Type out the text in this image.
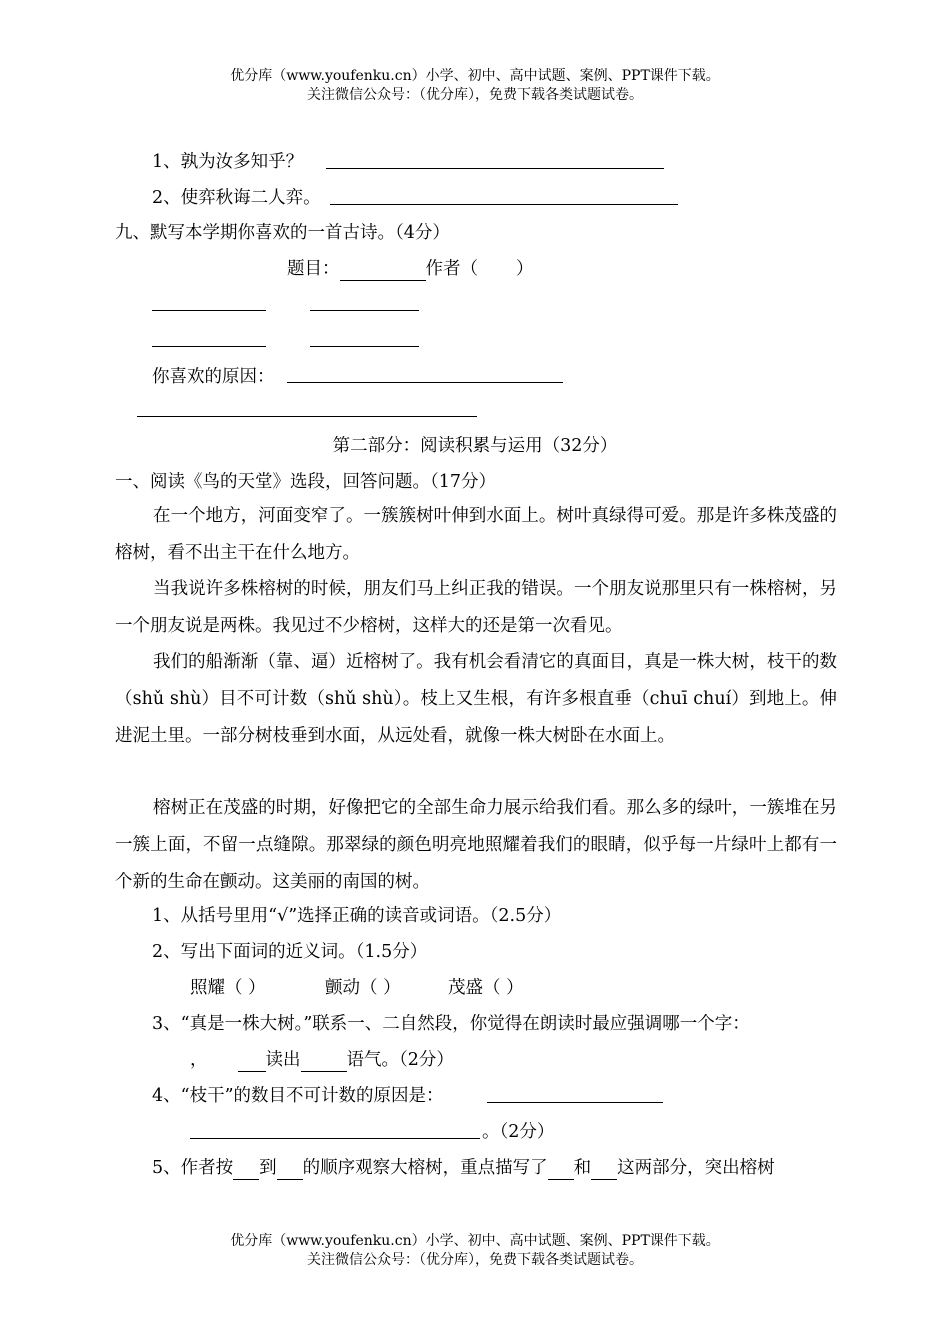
优分库（www.youfenku.cn）小学、初中、高中试题、案例、PPT课件下载。
关注微信公众号：（优分库），免费下载各类试题试卷。
1、孰为汝多知乎？
2、使弈秋诲二人弈。
九、默写本学期你喜欢的一首古诗。（4分）
题目：	作者（ ）
你喜欢的原因：
第二部分：阅读积累与运用（32分）
一、阅读《鸟的天堂》选段，回答问题。（17分）
在一个地方，河面变窄了。一簇簇树叶伸到水面上。树叶真绿得可爱。那是许多株茂盛的榕树，看不出主干在什么地方。
当我说许多株榕树的时候，朋友们马上纠正我的错误。一个朋友说那里只有一株榕树，另一个朋友说是两株。我见过不少榕树，这样大的还是第一次看见。
我们的船渐渐（靠、逼）近榕树了。我有机会看清它的真面目，真是一株大树，枝干的数（shǔ shù）目不可计数（shǔ shù）。枝上又生根，有许多根直垂（chuī chuí）到地上。伸进泥土里。一部分树枝垂到水面，从远处看，就像一株大树卧在水面上。
榕树正在茂盛的时期，好像把它的全部生命力展示给我们看。那么多的绿叶，一簇堆在另一簇上面，不留一点缝隙。那翠绿的颜色明亮地照耀着我们的眼睛，似乎每一片绿叶上都有一个新的生命在颤动。这美丽的南国的树。
1、从括号里用“√”选择正确的读音或词语。（2.5分）
2、写出下面词的近义词。（1.5分）
照耀（ ）	颤动（ ）	茂盛（ ）
3、“真是一株大树。”联系一、二自然段，你觉得在朗读时最应强调哪一个字：
，	读出	语气。（2分）
4、“枝干”的数目不可计数的原因是：
。（2分）
5、作者按 到 的顺序观察大榕树，重点描写了 和 这两部分，突出榕树
优分库（www.youfenku.cn）小学、初中、高中试题、案例、PPT课件下载。
关注微信公众号：（优分库），免费下载各类试题试卷。
